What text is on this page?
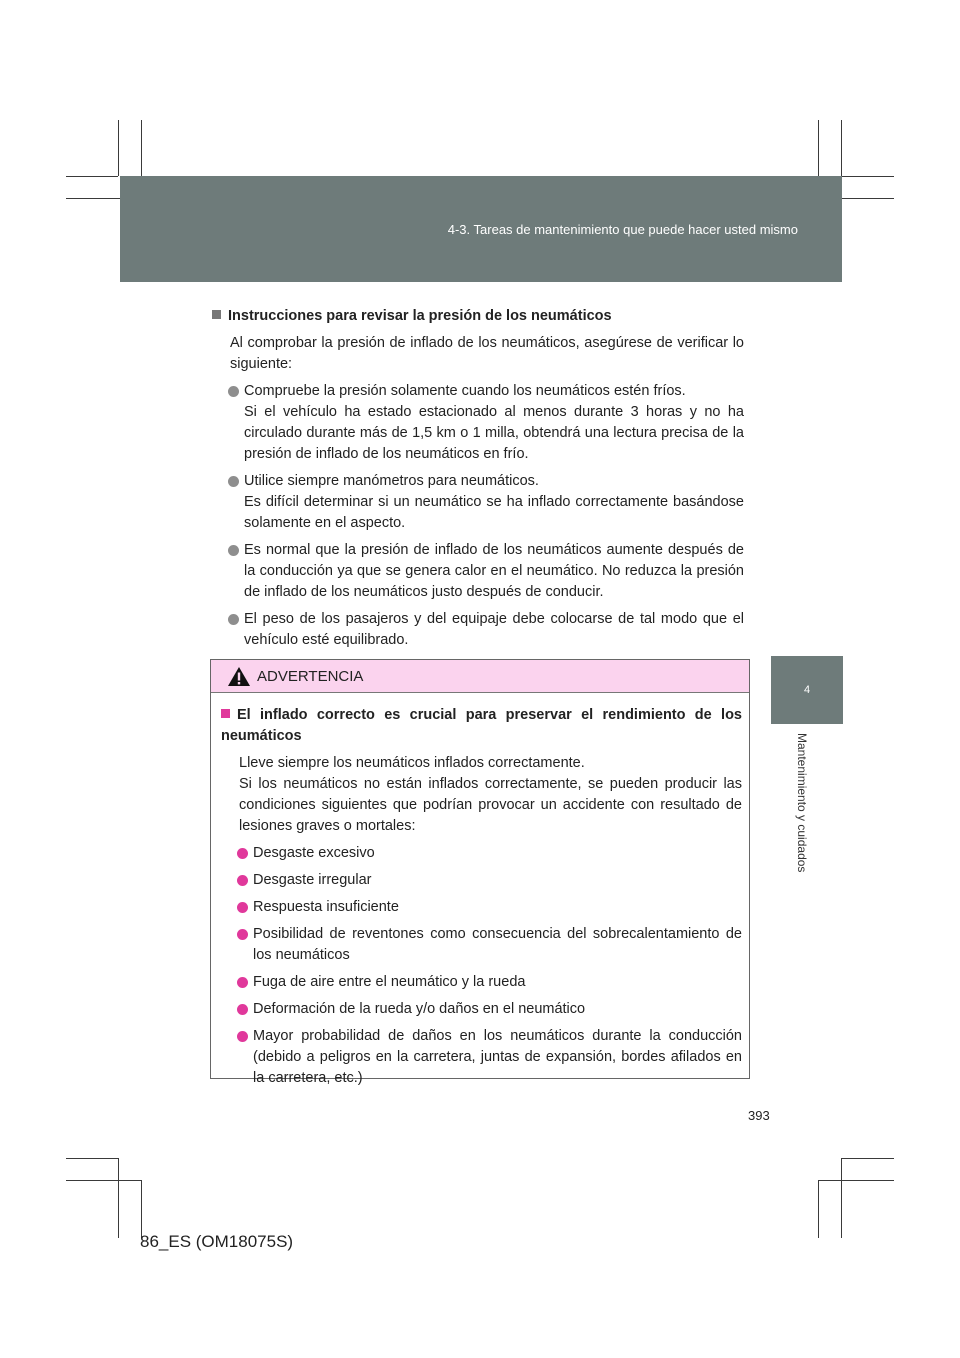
4-3. Tareas de mantenimiento que puede hacer usted mismo
4
Mantenimiento y cuidados
Instrucciones para revisar la presión de los neumáticos
Al comprobar la presión de inflado de los neumáticos, asegúrese de verificar lo siguiente:
Compruebe la presión solamente cuando los neumáticos estén fríos.
Si el vehículo ha estado estacionado al menos durante 3 horas y no ha circulado durante más de 1,5 km o 1 milla, obtendrá una lectura precisa de la presión de inflado de los neumáticos en frío.
Utilice siempre manómetros para neumáticos.
Es difícil determinar si un neumático se ha inflado correctamente basándose solamente en el aspecto.
Es normal que la presión de inflado de los neumáticos aumente después de la conducción ya que se genera calor en el neumático. No reduzca la presión de inflado de los neumáticos justo después de conducir.
El peso de los pasajeros y del equipaje debe colocarse de tal modo que el vehículo esté equilibrado.
ADVERTENCIA
El inflado correcto es crucial para preservar el rendimiento de los neumáticos
Lleve siempre los neumáticos inflados correctamente.
Si los neumáticos no están inflados correctamente, se pueden producir las condiciones siguientes que podrían provocar un accidente con resultado de lesiones graves o mortales:
Desgaste excesivo
Desgaste irregular
Respuesta insuficiente
Posibilidad de reventones como consecuencia del sobrecalentamiento de los neumáticos
Fuga de aire entre el neumático y la rueda
Deformación de la rueda y/o daños en el neumático
Mayor probabilidad de daños en los neumáticos durante la conducción (debido a peligros en la carretera, juntas de expansión, bordes afilados en la carretera, etc.)
393
86_ES (OM18075S)
